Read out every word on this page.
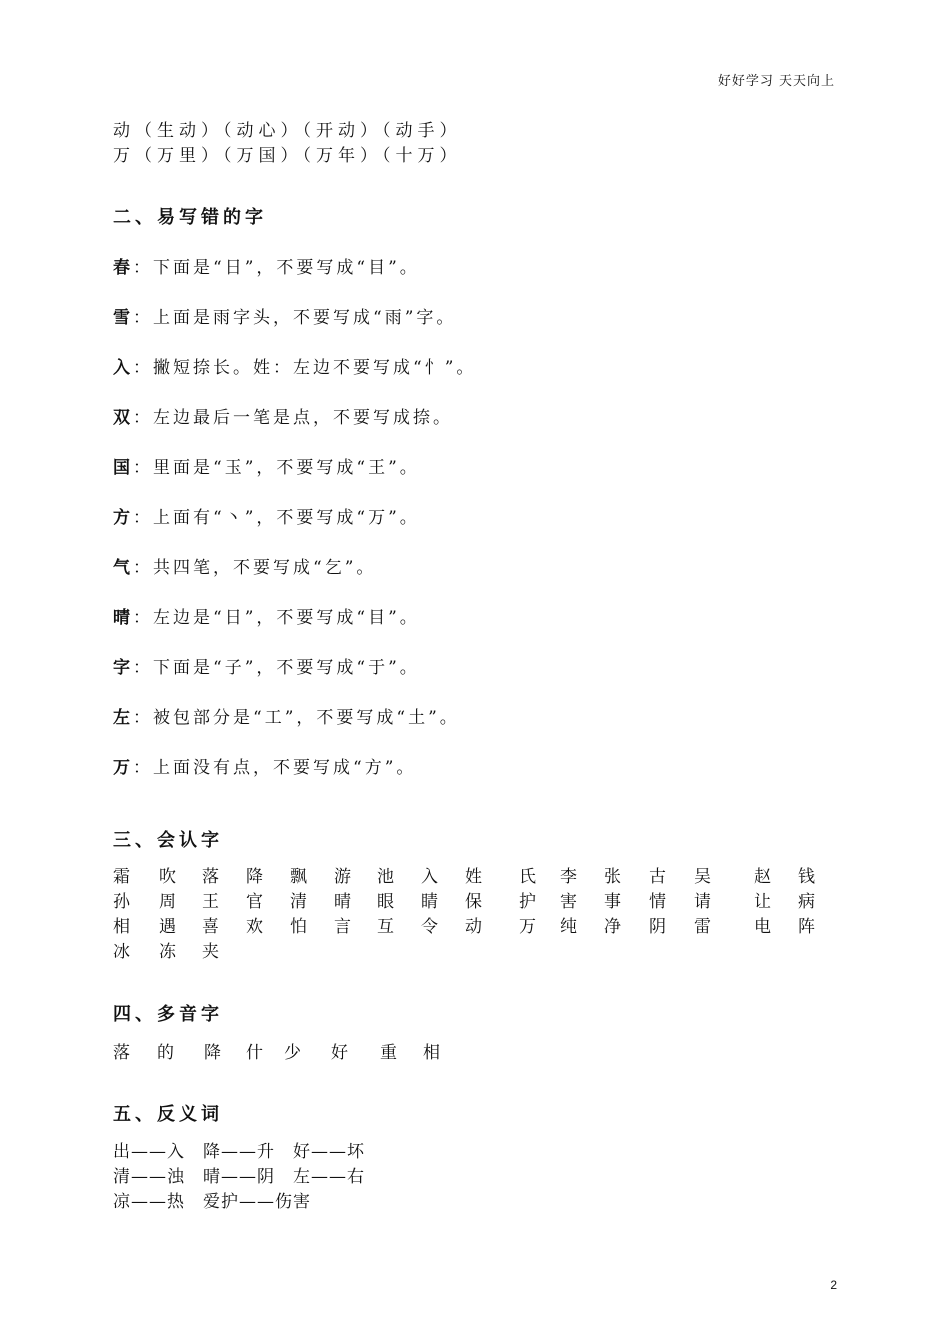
好好学习 天天向上
动（生动）（动心）（开动）（动手）
万（万里）（万国）（万年）（十万）
二、易写错的字
春：下面是“日”，不要写成“目”。
雪：上面是雨字头，不要写成“雨”字。
入：撇短捺长。姓：左边不要写成“忄”。
双：左边最后一笔是点，不要写成捺。
国：里面是“玉”，不要写成“王”。
方：上面有“丶”，不要写成“万”。
气：共四笔，不要写成“乞”。
晴：左边是“日”，不要写成“目”。
字：下面是“子”，不要写成“于”。
左：被包部分是“工”，不要写成“土”。
万：上面没有点，不要写成“方”。
三、会认字
霜 吹 落 降 飘 游 池 入 姓 氏 李 张 古 吴	赵 钱
孙 周 王 官 清 晴 眼 睛 保 护 害 事 情 请	让 病
相 遇 喜 欢 怕 言 互 令 动 万 纯 净 阴 雷	电 阵
冰 冻 夹
四、多音字
落 的 降 什 少 好 重 相
五、反义词
出——入　降——升　好——坏
清——浊　晴——阴　左——右
凉——热　爱护——伤害
2
